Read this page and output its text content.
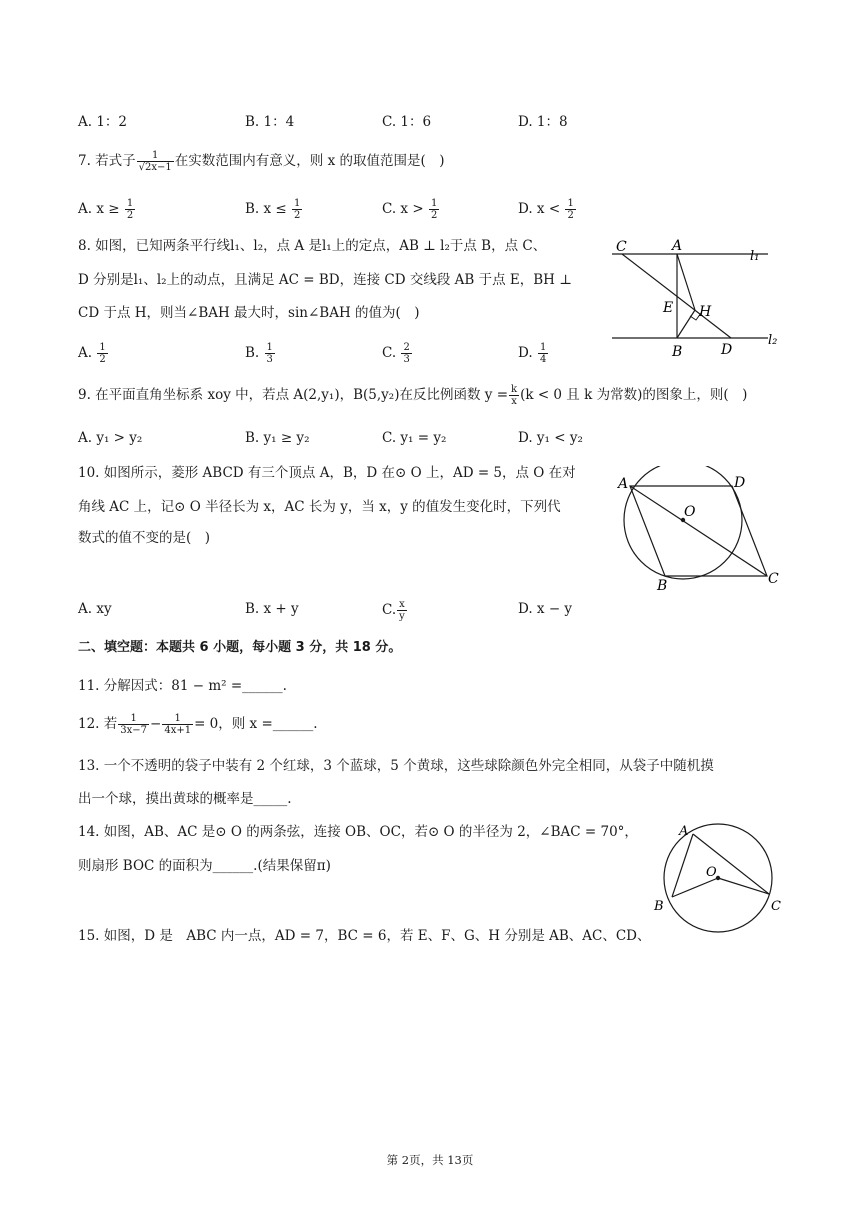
A. 1：2	B. 1：4	C. 1：6	D. 1：8
7. 若式子 $\frac{1}{√2x-1}$ 在实数范围内有意义，则 x 的取值范围是(　)
A. $x \ge \frac{1}{2}$	B. $x \le \frac{1}{2}$	C. $x > \frac{1}{2}$	D. $x < \frac{1}{2}$
8. 如图，已知两条平行线l₁、l₂，点 A 是l₁上的定点，AB ⊥ l₂于点 B，点 C、
D 分别是l₁、l₂上的动点，且满足 AC = BD，连接 CD 交线段 AB 于点 E，BH ⊥
CD 于点 H，则当∠BAH 最大时，sin∠BAH 的值为(　)
A. $\frac{1}{2}$	B. $\frac{1}{3}$	C. $\frac{2}{3}$	D. $\frac{1}{4}$
C	A
l₁
E H
B	D
l₂
9. 在平面直角坐标系 xoy 中，若点 A(2,y₁)，B(5,y₂)在反比例函数 $y = \frac{k}{x} (k < 0$ 且 k 为常数)的图象上，则(　)
A. y₁ > y₂	B. y₁ ≥ y₂	C. y₁ = y₂	D. y₁ < y₂
10. 如图所示，菱形 ABCD 有三个顶点 A，B，D 在⊙ O 上，AD = 5，点 O 在对
角线 AC 上，记⊙ O 半径长为 x，AC 长为 y，当 x，y 的值发生变化时，下列代
数式的值不变的是(　)
A. xy	B. x + y	C. $\frac{x}{y}$	D. x − y
A	D
O
B	C
二、填空题：本题共 6 小题，每小题 3 分，共 18 分。
11. 分解因式：81 − m² =______.
12. 若 $\frac{1}{3x-7} - \frac{1}{4x+1} = 0$，则 x =______.
13. 一个不透明的袋子中装有 2 个红球，3 个蓝球，5 个黄球，这些球除颜色外完全相同，从袋子中随机摸
出一个球，摸出黄球的概率是_____.
14. 如图，AB、AC 是⊙ O 的两条弦，连接 OB、OC，若⊙ O 的半径为 2，∠BAC = 70°，
则扇形 BOC 的面积为______.(结果保留π)
A
O
B	C
15. 如图，D 是　ABC 内一点，AD = 7，BC = 6，若 E、F、G、H 分别是 AB、AC、CD、
第 2页，共 13页
